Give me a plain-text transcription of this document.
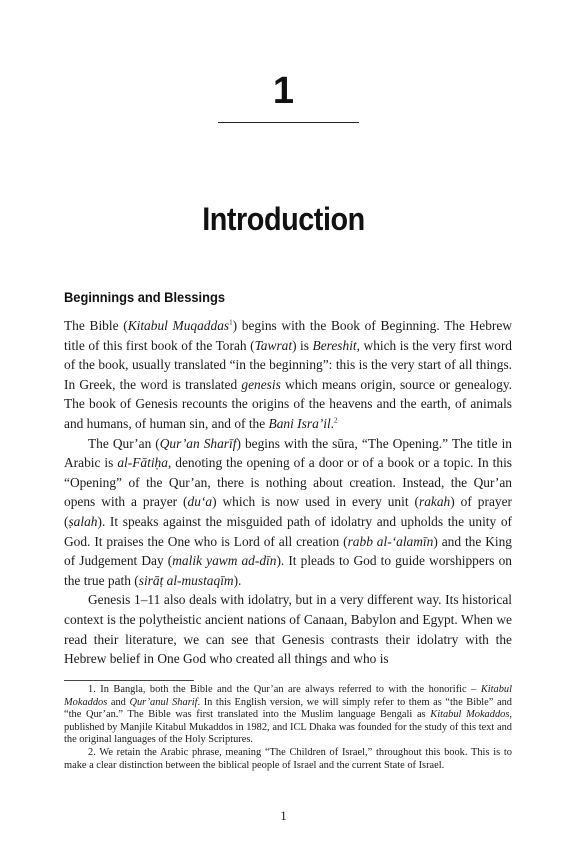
1
Introduction
Beginnings and Blessings

The Bible (Kitabul Muqaddas$^1$) begins with the Book of Beginning. The Hebrew title of this first book of the Torah (Tawrat) is Bereshit, which is the very first word of the book, usually translated “in the beginning”: this is the very start of all things. In Greek, the word is translated genesis which means origin, source or genealogy. The book of Genesis recounts the origins of the heavens and the earth, of animals and humans, of human sin, and of the Bani Isra’il.$^2$

The Qur’an (Qur’an Sharīf) begins with the sūra, “The Opening.” The title in Arabic is al-Fātiḥa, denoting the opening of a door or of a book or a topic. In this “Opening” of the Qur’an, there is nothing about creation. Instead, the Qur’an opens with a prayer (du‘a) which is now used in every unit (rakah) of prayer (ṣalah). It speaks against the misguided path of idolatry and upholds the unity of God. It praises the One who is Lord of all creation (rabb al-‘alamīn) and the King of Judgement Day (malik yawm ad-dīn). It pleads to God to guide worshippers on the true path (sirāṭ al-mustaqīm).

Genesis 1–11 also deals with idolatry, but in a very different way. Its historical context is the polytheistic ancient nations of Canaan, Babylon and Egypt. When we read their literature, we can see that Genesis contrasts their idolatry with the Hebrew belief in One God who created all things and who is

1. In Bangla, both the Bible and the Qur’an are always referred to with the honorific – Kitabul Mokaddos and Qur’anul Sharif. In this English version, we will simply refer to them as “the Bible” and “the Qur’an.” The Bible was first translated into the Muslim language Bengali as Kitabul Mokaddos, published by Manjile Kitabul Mukaddos in 1982, and ICL Dhaka was founded for the study of this text and the original languages of the Holy Scriptures.

2. We retain the Arabic phrase, meaning “The Children of Israel,” throughout this book. This is to make a clear distinction between the biblical people of Israel and the current State of Israel.

1
